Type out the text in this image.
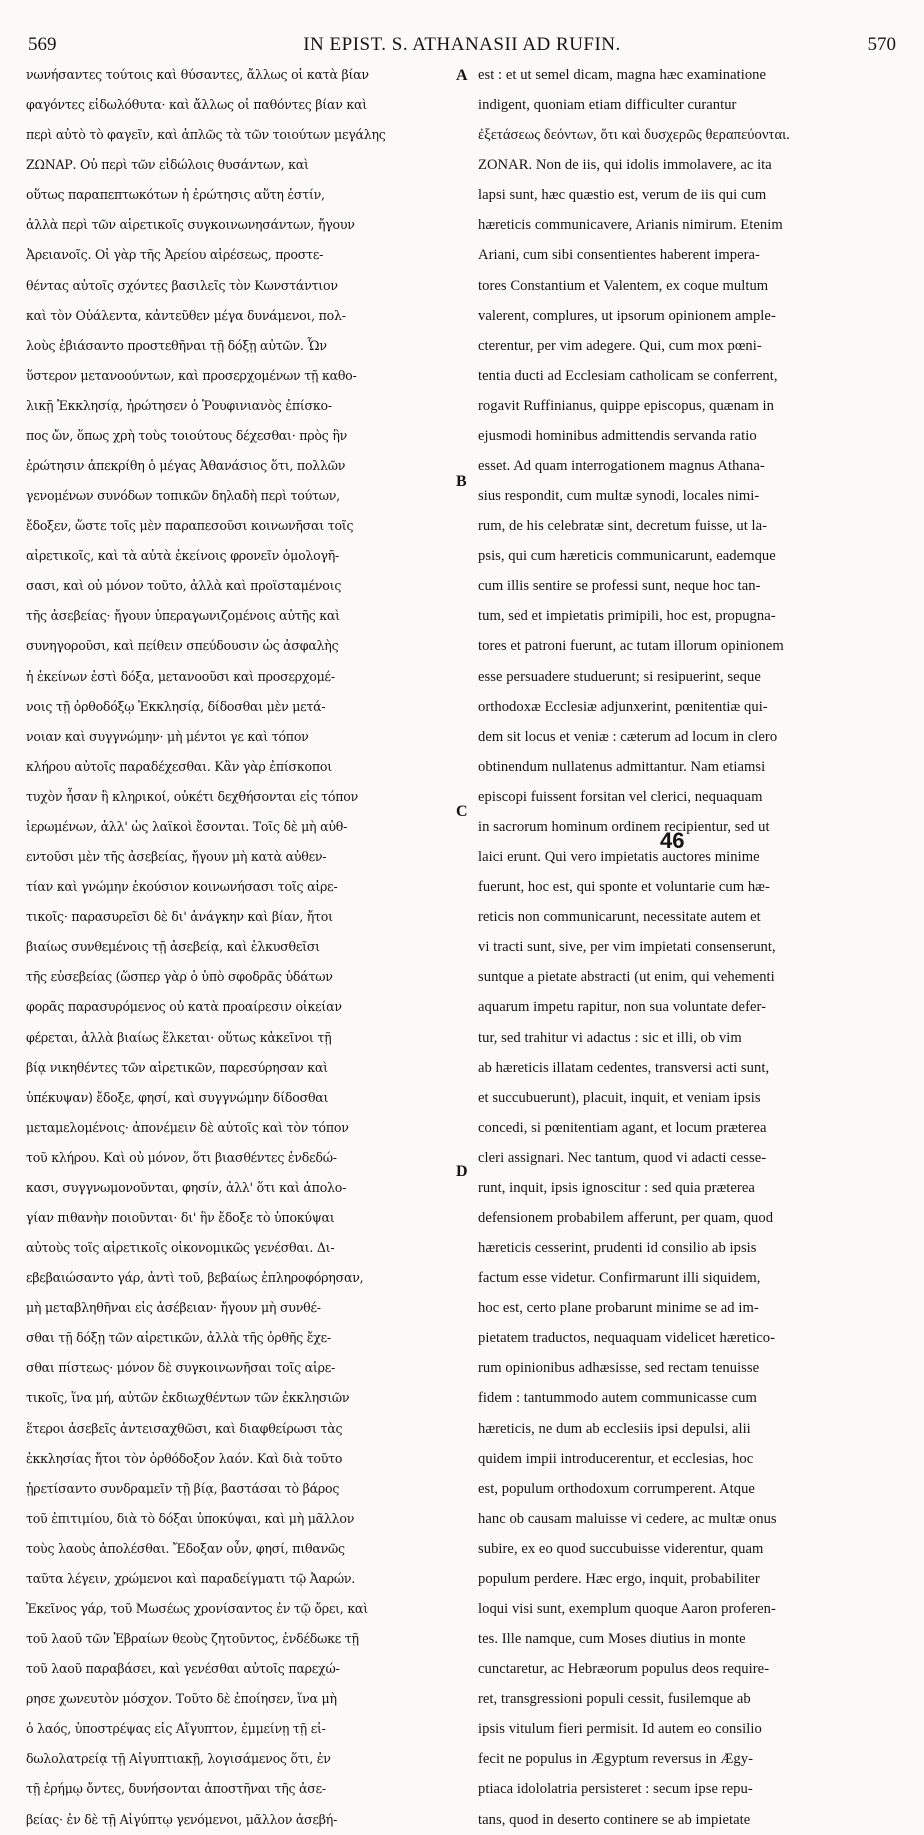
569	IN EPIST. S. ATHANASII AD RUFIN.	570
νωνήσαντες τούτοις καὶ θύσαντες, ἄλλως οἱ κατὰ βίαν
φαγόντες εἰδωλόθυτα· καὶ ἄλλως οἱ παθόντες βίαν καὶ
περὶ αὐτὸ τὸ φαγεῖν, καὶ ἁπλῶς τὰ τῶν τοιούτων μεγάλης
ΖΩΝΑΡ. Οὐ περὶ τῶν εἰδώλοις θυσάντων, καὶ
οὕτως παραπεπτωκότων ἡ ἐρώτησις αὕτη ἐστίν,
ἀλλὰ περὶ τῶν αἱρετικοῖς συγκοινωνησάντων, ἤγουν
Ἀρειανοῖς. Οἱ γὰρ τῆς Ἀρείου αἱρέσεως, προστε-
θέντας αὐτοῖς σχόντες βασιλεῖς τὸν Κωνστάντιον
καὶ τὸν Οὐάλεντα, κἀντεῦθεν μέγα δυνάμενοι, πολ-
λοὺς ἐβιάσαντο προστεθῆναι τῇ δόξῃ αὐτῶν. Ὧν
ὕστερον μετανοούντων, καὶ προσερχομένων τῇ καθο-
λικῇ Ἐκκλησίᾳ, ἠρώτησεν ὁ Ῥουφινιανὸς ἐπίσκο-
πος ὤν, ὅπως χρὴ τοὺς τοιούτους δέχεσθαι· πρὸς ἣν
ἐρώτησιν ἀπεκρίθη ὁ μέγας Ἀθανάσιος ὅτι, πολλῶν
γενομένων συνόδων τοπικῶν δηλαδὴ περὶ τούτων,
ἔδοξεν, ὥστε τοῖς μὲν παραπεσοῦσι κοινωνῆσαι τοῖς
αἱρετικοῖς, καὶ τὰ αὐτὰ ἐκείνοις φρονεῖν ὁμολογῆ-
σασι, καὶ οὐ μόνον τοῦτο, ἀλλὰ καὶ προϊσταμένοις
τῆς ἀσεβείας· ἤγουν ὑπεραγωνιζομένοις αὐτῆς καὶ
συνηγοροῦσι, καὶ πείθειν σπεύδουσιν ὡς ἀσφαλὴς
ἡ ἐκείνων ἐστὶ δόξα, μετανοοῦσι καὶ προσερχομέ-
νοις τῇ ὀρθοδόξῳ Ἐκκλησίᾳ, δίδοσθαι μὲν μετά-
νοιαν καὶ συγγνώμην· μὴ μέντοι γε καὶ τόπον
κλήρου αὐτοῖς παραδέχεσθαι. Κἂν γὰρ ἐπίσκοποι
τυχὸν ἦσαν ἢ κληρικοί, οὐκέτι δεχθήσονται εἰς τόπον
ἱερωμένων, ἀλλ' ὡς λαϊκοὶ ἔσονται. Τοῖς δὲ μὴ αὐθ-
εντοῦσι μὲν τῆς ἀσεβείας, ἤγουν μὴ κατὰ αὐθεν-
τίαν καὶ γνώμην ἑκούσιον κοινωνήσασι τοῖς αἱρε-
τικοῖς· παρασυρεῖσι δὲ δι' ἀνάγκην καὶ βίαν, ἤτοι
βιαίως συνθεμένοις τῇ ἀσεβείᾳ, καὶ ἑλκυσθεῖσι
τῆς εὐσεβείας (ὥσπερ γὰρ ὁ ὑπὸ σφοδρᾶς ὑδάτων
φορᾶς παρασυρόμενος οὐ κατὰ προαίρεσιν οἰκείαν
φέρεται, ἀλλὰ βιαίως ἕλκεται· οὕτως κἀκεῖνοι τῇ
βίᾳ νικηθέντες τῶν αἱρετικῶν, παρεσύρησαν καὶ
ὑπέκυψαν) ἔδοξε, φησί, καὶ συγγνώμην δίδοσθαι
μεταμελομένοις· ἀπονέμειν δὲ αὐτοῖς καὶ τὸν τόπον
τοῦ κλήρου. Καὶ οὐ μόνον, ὅτι βιασθέντες ἐνδεδώ-
κασι, συγγνωμονοῦνται, φησίν, ἀλλ' ὅτι καὶ ἀπολο-
γίαν πιθανὴν ποιοῦνται· δι' ἣν ἔδοξε τὸ ὑποκύψαι
αὐτοὺς τοῖς αἱρετικοῖς οἰκονομικῶς γενέσθαι. Δι-
εβεβαιώσαντο γάρ, ἀντὶ τοῦ, βεβαίως ἐπληροφόρησαν,
μὴ μεταβληθῆναι εἰς ἀσέβειαν· ἤγουν μὴ συνθέ-
σθαι τῇ δόξῃ τῶν αἱρετικῶν, ἀλλὰ τῆς ὀρθῆς ἔχε-
σθαι πίστεως· μόνον δὲ συγκοινωνῆσαι τοῖς αἱρε-
τικοῖς, ἵνα μή, αὐτῶν ἐκδιωχθέντων τῶν ἐκκλησιῶν
ἕτεροι ἀσεβεῖς ἀντεισαχθῶσι, καὶ διαφθείρωσι τὰς
ἐκκλησίας ἤτοι τὸν ὀρθόδοξον λαόν. Καὶ διὰ τοῦτο
ᾑρετίσαντο συνδραμεῖν τῇ βίᾳ, βαστάσαι τὸ βάρος
τοῦ ἐπιτιμίου, διὰ τὸ δόξαι ὑποκύψαι, καὶ μὴ μᾶλλον
τοὺς λαοὺς ἀπολέσθαι. Ἔδοξαν οὖν, φησί, πιθανῶς
ταῦτα λέγειν, χρώμενοι καὶ παραδείγματι τῷ Ἀαρών.
Ἐκεῖνος γάρ, τοῦ Μωσέως χρονίσαντος ἐν τῷ ὄρει, καὶ
τοῦ λαοῦ τῶν Ἑβραίων θεοὺς ζητοῦντος, ἐνδέδωκε τῇ
τοῦ λαοῦ παραβάσει, καὶ γενέσθαι αὐτοῖς παρεχώ-
ρησε χωνευτὸν μόσχον. Τοῦτο δὲ ἐποίησεν, ἵνα μὴ
ὁ λαός, ὑποστρέψας εἰς Αἴγυπτον, ἐμμείνῃ τῇ εἰ-
δωλολατρείᾳ τῇ Αἰγυπτιακῇ, λογισάμενος ὅτι, ἐν
τῇ ἐρήμῳ ὄντες, δυνήσονται ἀποστῆναι τῆς ἀσε-
βείας· ἐν δὲ τῇ Αἰγύπτῳ γενόμενοι, μᾶλλον ἀσεβή-
est : et ut semel dicam, magna hæc examinatione
indigent, quoniam etiam difficulter curantur
ἐξετάσεως δεόντων, ὅτι καὶ δυσχερῶς θεραπεύονται.
ZONAR. Non de iis, qui idolis immolavere, ac ita
lapsi sunt, hæc quæstio est, verum de iis qui cum
hæreticis communicavere, Arianis nimirum. Etenim
Ariani, cum sibi consentientes haberent impera-
tores Constantium et Valentem, ex coque multum
valerent, complures, ut ipsorum opinionem ample-
cterentur, per vim adegere. Qui, cum mox pœni-
tentia ducti ad Ecclesiam catholicam se conferrent,
rogavit Ruffinianus, quippe episcopus, quænam in
ejusmodi hominibus admittendis servanda ratio
esset. Ad quam interrogationem magnus Athana-
sius respondit, cum multæ synodi, locales nimi-
rum, de his celebratæ sint, decretum fuisse, ut la-
psis, qui cum hæreticis communicarunt, eademque
cum illis sentire se professi sunt, neque hoc tan-
tum, sed et impietatis primipili, hoc est, propugna-
tores et patroni fuerunt, ac tutam illorum opinionem
esse persuadere studuerunt; si resipuerint, seque
orthodoxæ Ecclesiæ adjunxerint, pœnitentiæ qui-
dem sit locus et veniæ : cæterum ad locum in clero
obtinendum nullatenus admittantur. Nam etiamsi
episcopi fuissent forsitan vel clerici, nequaquam
in sacrorum hominum ordinem recipientur, sed ut
laici erunt. Qui vero impietatis auctores minime
fuerunt, hoc est, qui sponte et voluntarie cum hæ-
reticis non communicarunt, necessitate autem et
vi tracti sunt, sive, per vim impietati consenserunt,
suntque a pietate abstracti (ut enim, qui vehementi
aquarum impetu rapitur, non sua voluntate defer-
tur, sed trahitur vi adactus : sic et illi, ob vim
ab hæreticis illatam cedentes, transversi acti sunt,
et succubuerunt), placuit, inquit, et veniam ipsis
concedi, si pœnitentiam agant, et locum præterea
cleri assignari. Nec tantum, quod vi adacti cesse-
runt, inquit, ipsis ignoscitur : sed quia præterea
defensionem probabilem afferunt, per quam, quod
hæreticis cesserint, prudenti id consilio ab ipsis
factum esse videtur. Confirmarunt illi siquidem,
hoc est, certo plane probarunt minime se ad im-
pietatem traductos, nequaquam videlicet hæretico-
rum opinionibus adhæsisse, sed rectam tenuisse
fidem : tantummodo autem communicasse cum
hæreticis, ne dum ab ecclesiis ipsi depulsi, alii
quidem impii introducerentur, et ecclesias, hoc
est, populum orthodoxum corrumperent. Atque
hanc ob causam maluisse vi cedere, ac multæ onus
subire, ex eo quod succubuisse viderentur, quam
populum perdere. Hæc ergo, inquit, probabiliter
loqui visi sunt, exemplum quoque Aaron proferen-
tes. Ille namque, cum Moses diutius in monte
cunctaretur, ac Hebræorum populus deos require-
ret, transgressioni populi cessit, fusilemque ab
ipsis vitulum fieri permisit. Id autem eo consilio
fecit ne populus in Ægyptum reversus in Ægy-
ptiaca idololatria persisteret : secum ipse repu-
tans, quod in deserto continere se ab impietate
A
B
C
D
46
